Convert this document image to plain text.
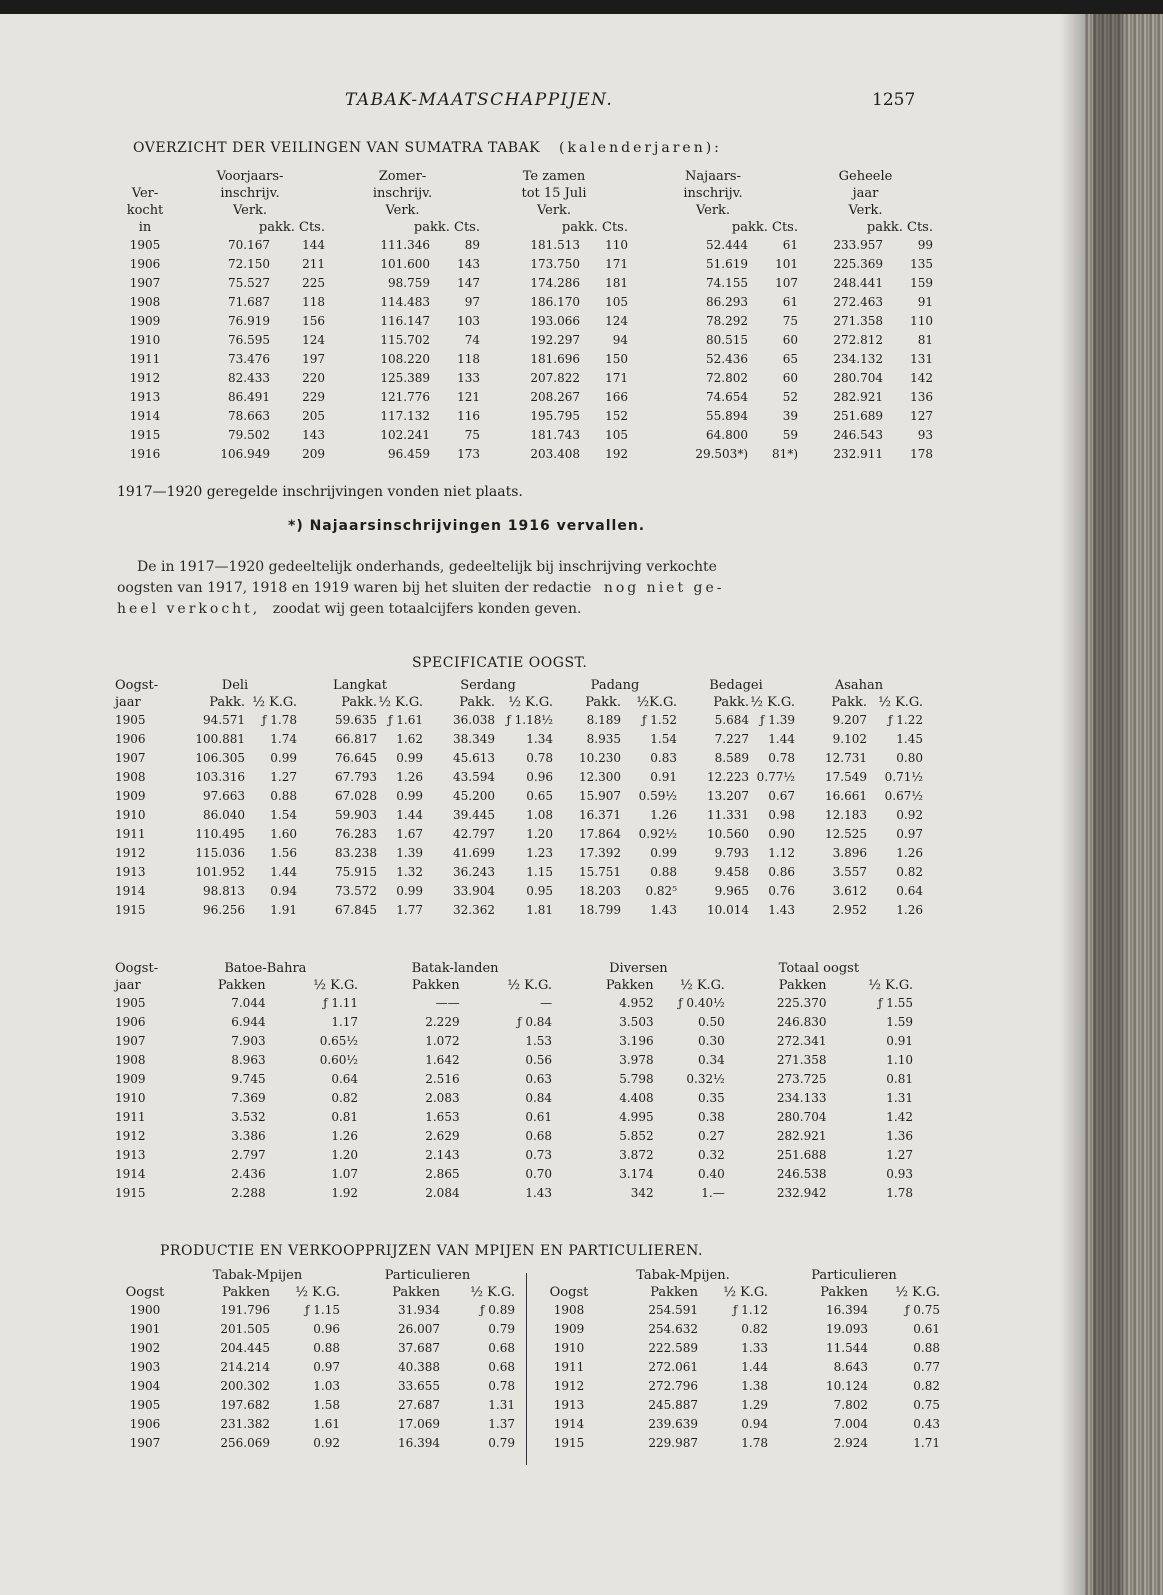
TABAK-MAATSCHAPPIJEN.	1257
OVERZICHT DER VEILINGEN VAN SUMATRA TABAK (kalenderjaren):
	Voorjaars-		Zomer-		Te zamen		Najaars-		Geheele	
Ver-	inschrijv.		inschrijv.		tot 15 Juli		inschrijv.		jaar	
kocht	Verk.		Verk.		Verk.		Verk.		Verk.	
in	pakk. Cts.		pakk. Cts.		pakk. Cts.		pakk. Cts.		pakk. Cts.	
1905	70.167	144	111.346	89	181.513	110	52.444	61	233.957	99
1906	72.150	211	101.600	143	173.750	171	51.619	101	225.369	135
1907	75.527	225	98.759	147	174.286	181	74.155	107	248.441	159
1908	71.687	118	114.483	97	186.170	105	86.293	61	272.463	91
1909	76.919	156	116.147	103	193.066	124	78.292	75	271.358	110
1910	76.595	124	115.702	74	192.297	94	80.515	60	272.812	81
1911	73.476	197	108.220	118	181.696	150	52.436	65	234.132	131
1912	82.433	220	125.389	133	207.822	171	72.802	60	280.704	142
1913	86.491	229	121.776	121	208.267	166	74.654	52	282.921	136
1914	78.663	205	117.132	116	195.795	152	55.894	39	251.689	127
1915	79.502	143	102.241	75	181.743	105	64.800	59	246.543	93
1916	106.949	209	96.459	173	203.408	192	29.503*)	81*)	232.911	178
1917—1920 geregelde inschrijvingen vonden niet plaats.
*) Najaarsinschrijvingen 1916 vervallen.
De in 1917—1920 gedeeltelijk onderhands, gedeeltelijk bij inschrijving verkochte
oogsten van 1917, 1918 en 1919 waren bij het sluiten der redactie nog niet ge-
heel verkocht, zoodat wij geen totaalcijfers konden geven.
SPECIFICATIE OOGST.
Oogst-	Deli		Langkat		Serdang		Padang		Bedagei		Asahan	
jaar	Pakk.	½ K.G.	Pakk.	½ K.G.	Pakk.	½ K.G.	Pakk.	½K.G.	Pakk.	½ K.G.	Pakk.	½ K.G.
1905	94.571	ƒ 1.78	59.635	ƒ 1.61	36.038	ƒ 1.18½	8.189	ƒ 1.52	5.684	ƒ 1.39	9.207	ƒ 1.22
1906	100.881	1.74	66.817	1.62	38.349	1.34	8.935	1.54	7.227	1.44	9.102	1.45
1907	106.305	0.99	76.645	0.99	45.613	0.78	10.230	0.83	8.589	0.78	12.731	0.80
1908	103.316	1.27	67.793	1.26	43.594	0.96	12.300	0.91	12.223	0.77½	17.549	0.71½
1909	97.663	0.88	67.028	0.99	45.200	0.65	15.907	0.59½	13.207	0.67	16.661	0.67½
1910	86.040	1.54	59.903	1.44	39.445	1.08	16.371	1.26	11.331	0.98	12.183	0.92
1911	110.495	1.60	76.283	1.67	42.797	1.20	17.864	0.92½	10.560	0.90	12.525	0.97
1912	115.036	1.56	83.238	1.39	41.699	1.23	17.392	0.99	9.793	1.12	3.896	1.26
1913	101.952	1.44	75.915	1.32	36.243	1.15	15.751	0.88	9.458	0.86	3.557	0.82
1914	98.813	0.94	73.572	0.99	33.904	0.95	18.203	0.82⁵	9.965	0.76	3.612	0.64
1915	96.256	1.91	67.845	1.77	32.362	1.81	18.799	1.43	10.014	1.43	2.952	1.26
Oogst-	Batoe-Bahra		Batak-landen		Diversen		Totaal oogst	
jaar	Pakken	½ K.G.	Pakken	½ K.G.	Pakken	½ K.G.	Pakken	½ K.G.
1905	7.044	ƒ 1.11	——	—	4.952	ƒ 0.40½	225.370	ƒ 1.55
1906	6.944	1.17	2.229	ƒ 0.84	3.503	0.50	246.830	1.59
1907	7.903	0.65½	1.072	1.53	3.196	0.30	272.341	0.91
1908	8.963	0.60½	1.642	0.56	3.978	0.34	271.358	1.10
1909	9.745	0.64	2.516	0.63	5.798	0.32½	273.725	0.81
1910	7.369	0.82	2.083	0.84	4.408	0.35	234.133	1.31
1911	3.532	0.81	1.653	0.61	4.995	0.38	280.704	1.42
1912	3.386	1.26	2.629	0.68	5.852	0.27	282.921	1.36
1913	2.797	1.20	2.143	0.73	3.872	0.32	251.688	1.27
1914	2.436	1.07	2.865	0.70	3.174	0.40	246.538	0.93
1915	2.288	1.92	2.084	1.43	342	1.—	232.942	1.78
PRODUCTIE EN VERKOOPPRIJZEN VAN MPIJEN EN PARTICULIEREN.
	Tabak-Mpijen		Particulieren	
Oogst	Pakken	½ K.G.	Pakken	½ K.G.
1900	191.796	ƒ 1.15	31.934	ƒ 0.89
1901	201.505	0.96	26.007	0.79
1902	204.445	0.88	37.687	0.68
1903	214.214	0.97	40.388	0.68
1904	200.302	1.03	33.655	0.78
1905	197.682	1.58	27.687	1.31
1906	231.382	1.61	17.069	1.37
1907	256.069	0.92	16.394	0.79
	Tabak-Mpijen.		Particulieren	
Oogst	Pakken	½ K.G.	Pakken	½ K.G.
1908	254.591	ƒ 1.12	16.394	ƒ 0.75
1909	254.632	0.82	19.093	0.61
1910	222.589	1.33	11.544	0.88
1911	272.061	1.44	8.643	0.77
1912	272.796	1.38	10.124	0.82
1913	245.887	1.29	7.802	0.75
1914	239.639	0.94	7.004	0.43
1915	229.987	1.78	2.924	1.71
